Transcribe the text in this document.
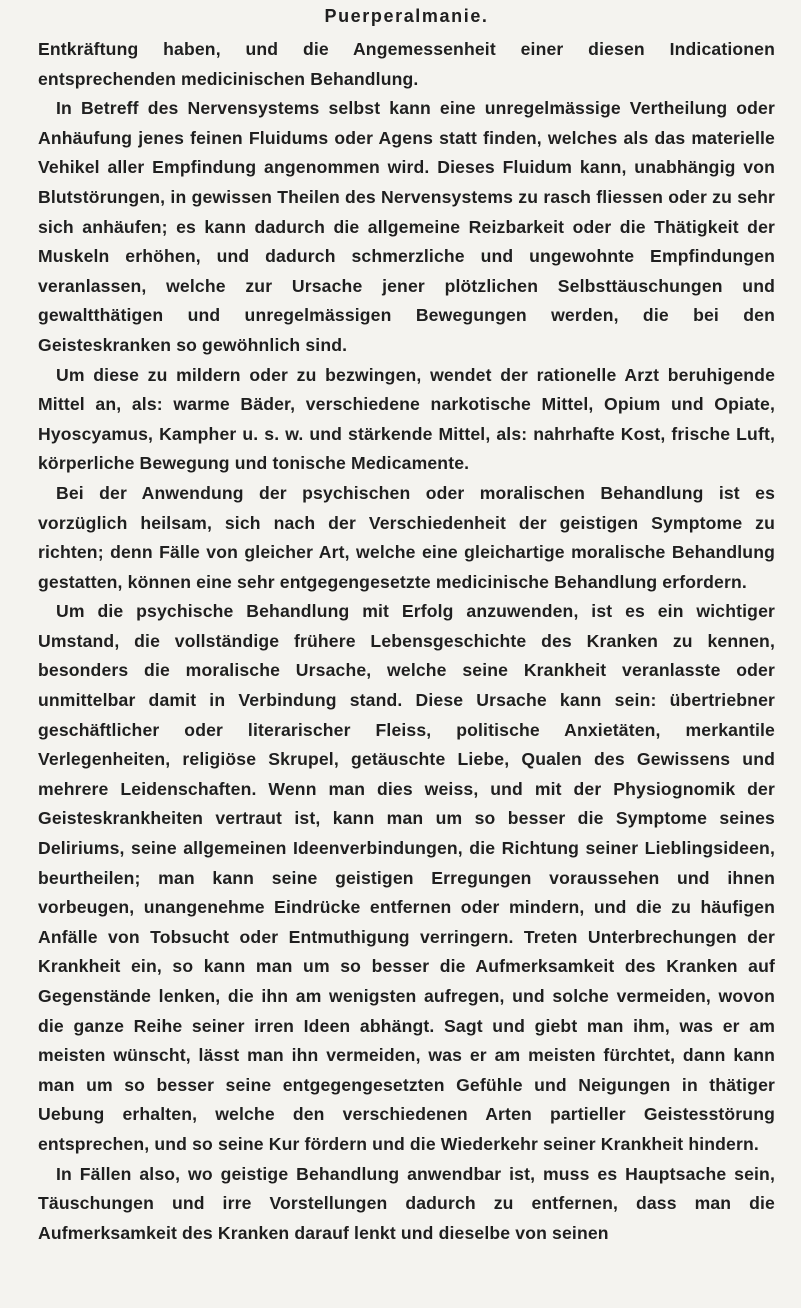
Puerperalmanie.

Entkräftung haben, und die Angemessenheit einer diesen Indicationen entsprechenden medicinischen Behandlung.

In Betreff des Nervensystems selbst kann eine unregelmässige Vertheilung oder Anhäufung jenes feinen Fluidums oder Agens statt finden, welches als das materielle Vehikel aller Empfindung angenommen wird. Dieses Fluidum kann, unabhängig von Blutstörungen, in gewissen Theilen des Nervensystems zu rasch fliessen oder zu sehr sich anhäufen; es kann dadurch die allgemeine Reizbarkeit oder die Thätigkeit der Muskeln erhöhen, und dadurch schmerzliche und ungewohnte Empfindungen veranlassen, welche zur Ursache jener plötzlichen Selbsttäuschungen und gewaltthätigen und unregelmässigen Bewegungen werden, die bei den Geisteskranken so gewöhnlich sind.

Um diese zu mildern oder zu bezwingen, wendet der rationelle Arzt beruhigende Mittel an, als: warme Bäder, verschiedene narkotische Mittel, Opium und Opiate, Hyoscyamus, Kampher u. s. w. und stärkende Mittel, als: nahrhafte Kost, frische Luft, körperliche Bewegung und tonische Medicamente.

Bei der Anwendung der psychischen oder moralischen Behandlung ist es vorzüglich heilsam, sich nach der Verschiedenheit der geistigen Symptome zu richten; denn Fälle von gleicher Art, welche eine gleichartige moralische Behandlung gestatten, können eine sehr entgegengesetzte medicinische Behandlung erfordern.

Um die psychische Behandlung mit Erfolg anzuwenden, ist es ein wichtiger Umstand, die vollständige frühere Lebensgeschichte des Kranken zu kennen, besonders die moralische Ursache, welche seine Krankheit veranlasste oder unmittelbar damit in Verbindung stand. Diese Ursache kann sein: übertriebner geschäftlicher oder literarischer Fleiss, politische Anxietäten, merkantile Verlegenheiten, religiöse Skrupel, getäuschte Liebe, Qualen des Gewissens und mehrere Leidenschaften. Wenn man dies weiss, und mit der Physiognomik der Geisteskrankheiten vertraut ist, kann man um so besser die Symptome seines Deliriums, seine allgemeinen Ideenverbindungen, die Richtung seiner Lieblingsideen, beurtheilen; man kann seine geistigen Erregungen voraussehen und ihnen vorbeugen, unangenehme Eindrücke entfernen oder mindern, und die zu häufigen Anfälle von Tobsucht oder Entmuthigung verringern. Treten Unterbrechungen der Krankheit ein, so kann man um so besser die Aufmerksamkeit des Kranken auf Gegenstände lenken, die ihn am wenigsten aufregen, und solche vermeiden, wovon die ganze Reihe seiner irren Ideen abhängt. Sagt und giebt man ihm, was er am meisten wünscht, lässt man ihn vermeiden, was er am meisten fürchtet, dann kann man um so besser seine entgegengesetzten Gefühle und Neigungen in thätiger Uebung erhalten, welche den verschiedenen Arten partieller Geistesstörung entsprechen, und so seine Kur fördern und die Wiederkehr seiner Krankheit hindern.

In Fällen also, wo geistige Behandlung anwendbar ist, muss es Hauptsache sein, Täuschungen und irre Vorstellungen dadurch zu entfernen, dass man die Aufmerksamkeit des Kranken darauf lenkt und dieselbe von seinen
